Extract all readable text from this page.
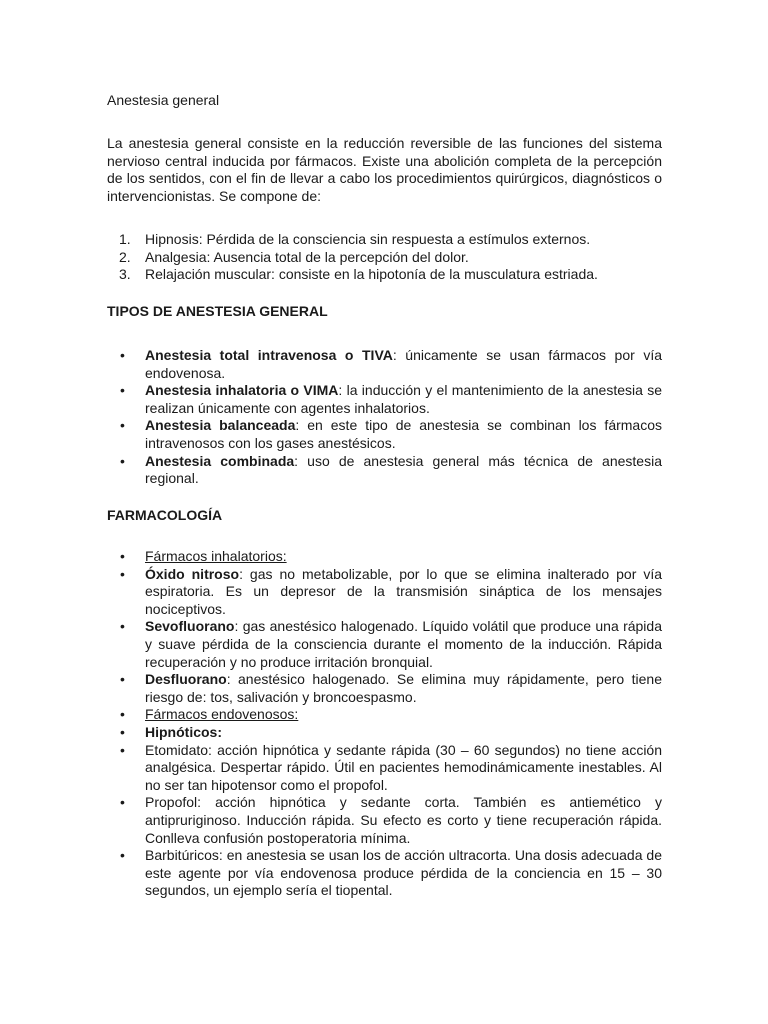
Anestesia general

La anestesia general consiste en la reducción reversible de las funciones del sistema nervioso central inducida por fármacos. Existe una abolición completa de la percepción de los sentidos, con el fin de llevar a cabo los procedimientos quirúrgicos, diagnósticos o intervencionistas. Se compone de:

1. Hipnosis: Pérdida de la consciencia sin respuesta a estímulos externos.
2. Analgesia: Ausencia total de la percepción del dolor.
3. Relajación muscular: consiste en la hipotonía de la musculatura estriada.
TIPOS DE ANESTESIA GENERAL
• Anestesia total intravenosa o TIVA: únicamente se usan fármacos por vía endovenosa.
• Anestesia inhalatoria o VIMA: la inducción y el mantenimiento de la anestesia se realizan únicamente con agentes inhalatorios.
• Anestesia balanceada: en este tipo de anestesia se combinan los fármacos intravenosos con los gases anestésicos.
• Anestesia combinada: uso de anestesia general más técnica de anestesia regional.
FARMACOLOGÍA
• Fármacos inhalatorios:
• Óxido nitroso: gas no metabolizable, por lo que se elimina inalterado por vía espiratoria. Es un depresor de la transmisión sináptica de los mensajes nociceptivos.
• Sevofluorano: gas anestésico halogenado. Líquido volátil que produce una rápida y suave pérdida de la consciencia durante el momento de la inducción. Rápida recuperación y no produce irritación bronquial.
• Desfluorano: anestésico halogenado. Se elimina muy rápidamente, pero tiene riesgo de: tos, salivación y broncoespasmo.
• Fármacos endovenosos:
• Hipnóticos:
• Etomidato: acción hipnótica y sedante rápida (30 – 60 segundos) no tiene acción analgésica. Despertar rápido. Útil en pacientes hemodinámicamente inestables. Al no ser tan hipotensor como el propofol.
• Propofol: acción hipnótica y sedante corta. También es antiemético y antipruriginoso. Inducción rápida. Su efecto es corto y tiene recuperación rápida. Conlleva confusión postoperatoria mínima.
• Barbitúricos: en anestesia se usan los de acción ultracorta. Una dosis adecuada de este agente por vía endovenosa produce pérdida de la conciencia en 15 – 30 segundos, un ejemplo sería el tiopental.
